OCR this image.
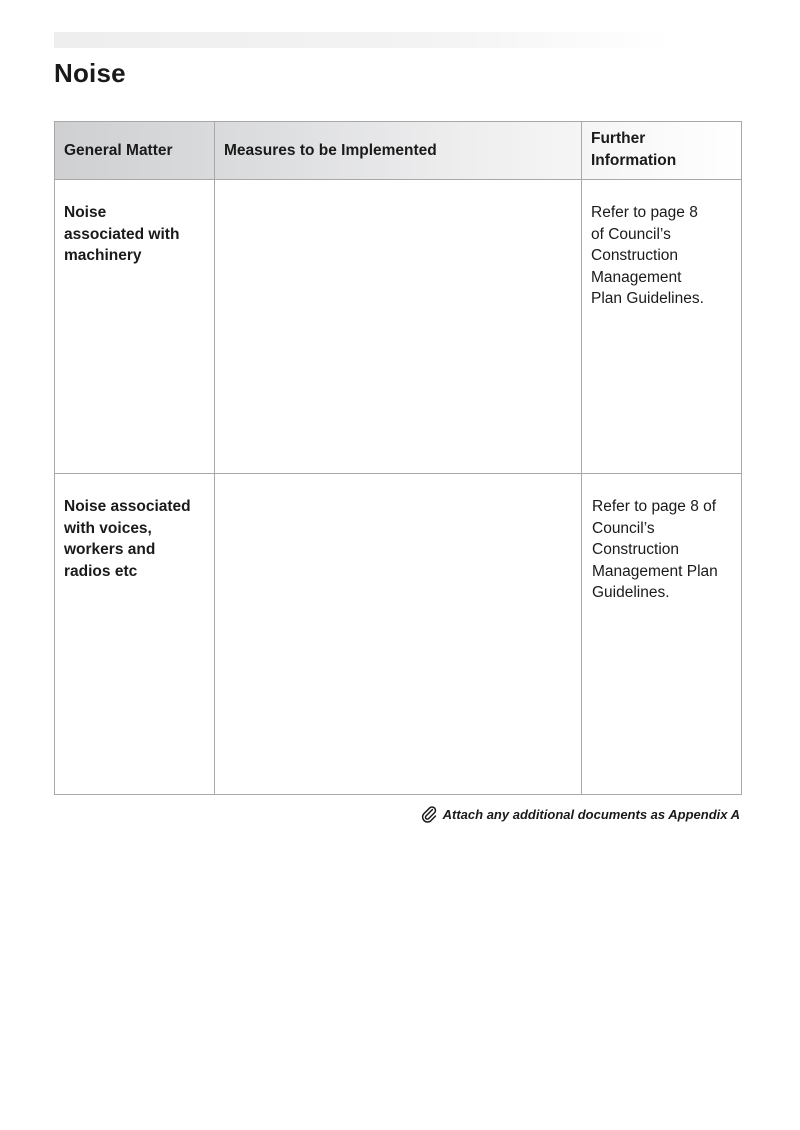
Noise
General Matter	Measures to be Implemented	Further
Information
Noise
associated with
machinery		Refer to page 8
of Council’s
Construction
Management
Plan Guidelines.
Noise associated
with voices,
workers and
radios etc		Refer to page 8 of
Council’s
Construction
Management Plan
Guidelines.
Attach any additional documents as Appendix A
